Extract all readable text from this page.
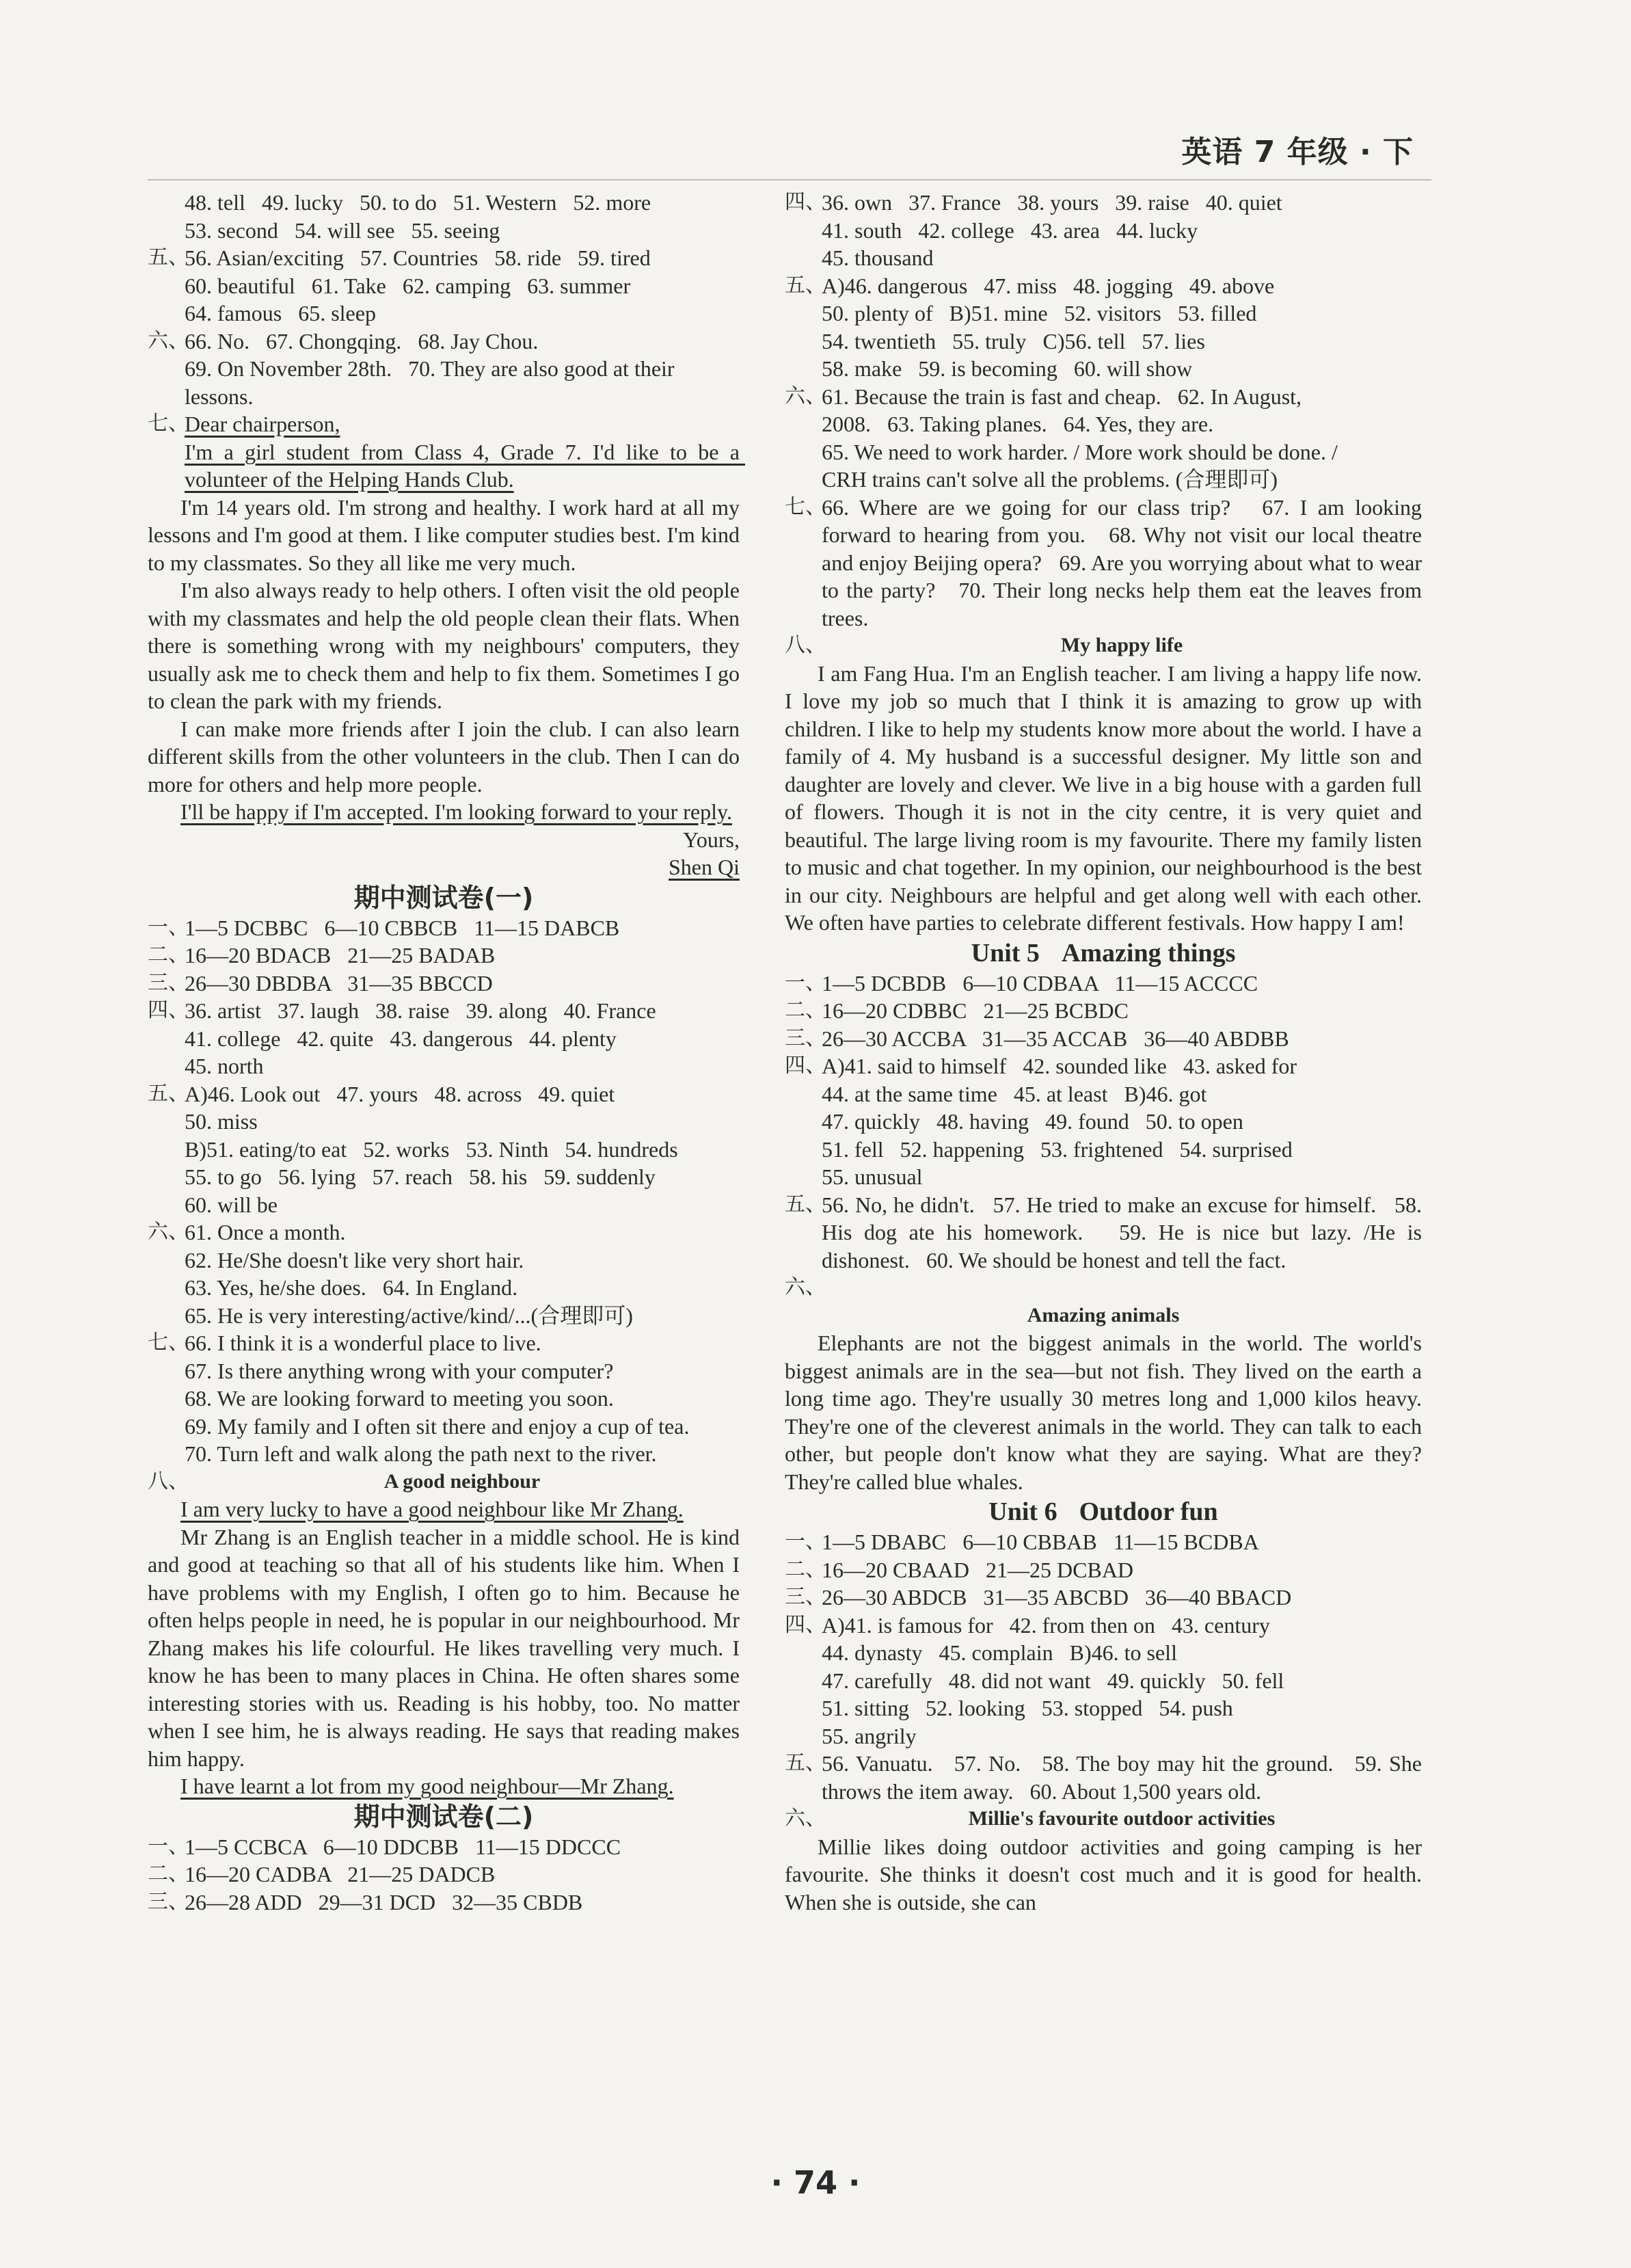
英语 7 年级 · 下
48. tell   49. lucky   50. to do   51. Western   52. more
53. second   54. will see   55. seeing
五、
56. Asian/exciting   57. Countries   58. ride   59. tired
60. beautiful   61. Take   62. camping   63. summer
64. famous   65. sleep
六、
66. No.   67. Chongqing.   68. Jay Chou.
69. On November 28th.   70. They are also good at their
lessons.
七、
Dear chairperson,
I'm a girl student from Class 4, Grade 7. I'd like to be a volunteer of the Helping Hands Club.
I'm 14 years old. I'm strong and healthy. I work hard at all my lessons and I'm good at them. I like computer studies best. I'm kind to my classmates. So they all like me very much.
I'm also always ready to help others. I often visit the old people with my classmates and help the old people clean their flats. When there is something wrong with my neighbours' computers, they usually ask me to check them and help to fix them. Sometimes I go to clean the park with my friends.
I can make more friends after I join the club. I can also learn different skills from the other volunteers in the club. Then I can do more for others and help more people.
I'll be happy if I'm accepted. I'm looking forward to your reply.
Yours,
Shen Qi
期中测试卷(一)
一、
1—5 DCBBC   6—10 CBBCB   11—15 DABCB
二、
16—20 BDACB   21—25 BADAB
三、
26—30 DBDBA   31—35 BBCCD
四、
36. artist   37. laugh   38. raise   39. along   40. France
41. college   42. quite   43. dangerous   44. plenty
45. north
五、
A)46. Look out   47. yours   48. across   49. quiet
50. miss
B)51. eating/to eat   52. works   53. Ninth   54. hundreds
55. to go   56. lying   57. reach   58. his   59. suddenly
60. will be
六、
61. Once a month.
62. He/She doesn't like very short hair.
63. Yes, he/she does.   64. In England.
65. He is very interesting/active/kind/...(合理即可)
七、
66. I think it is a wonderful place to live.
67. Is there anything wrong with your computer?
68. We are looking forward to meeting you soon.
69. My family and I often sit there and enjoy a cup of tea.
70. Turn left and walk along the path next to the river.
八、	A good neighbour
I am very lucky to have a good neighbour like Mr Zhang.
Mr Zhang is an English teacher in a middle school. He is kind and good at teaching so that all of his students like him. When I have problems with my English, I often go to him. Because he often helps people in need, he is popular in our neighbourhood. Mr Zhang makes his life colourful. He likes travelling very much. I know he has been to many places in China. He often shares some interesting stories with us. Reading is his hobby, too. No matter when I see him, he is always reading. He says that reading makes him happy.
I have learnt a lot from my good neighbour—Mr Zhang.
期中测试卷(二)
一、
1—5 CCBCA   6—10 DDCBB   11—15 DDCCC
二、
16—20 CADBA   21—25 DADCB
三、
26—28 ADD   29—31 DCD   32—35 CBDB
四、
36. own   37. France   38. yours   39. raise   40. quiet
41. south   42. college   43. area   44. lucky
45. thousand
五、
A)46. dangerous   47. miss   48. jogging   49. above
50. plenty of   B)51. mine   52. visitors   53. filled
54. twentieth   55. truly   C)56. tell   57. lies
58. make   59. is becoming   60. will show
六、
61. Because the train is fast and cheap.   62. In August,
2008.   63. Taking planes.   64. Yes, they are.
65. We need to work harder. / More work should be done. /
CRH trains can't solve all the problems. (合理即可)
七、
66. Where are we going for our class trip?   67. I am looking forward to hearing from you.   68. Why not visit our local theatre and enjoy Beijing opera?   69. Are you worrying about what to wear to the party?   70. Their long necks help them eat the leaves from trees.
八、	My happy life
I am Fang Hua. I'm an English teacher. I am living a happy life now. I love my job so much that I think it is amazing to grow up with children. I like to help my students know more about the world. I have a family of 4. My husband is a successful designer. My little son and daughter are lovely and clever. We live in a big house with a garden full of flowers. Though it is not in the city centre, it is very quiet and beautiful. The large living room is my favourite. There my family listen to music and chat together. In my opinion, our neighbourhood is the best in our city. Neighbours are helpful and get along well with each other. We often have parties to celebrate different festivals. How happy I am!
Unit 5 Amazing things
一、
1—5 DCBDB   6—10 CDBAA   11—15 ACCCC
二、
16—20 CDBBC   21—25 BCBDC
三、
26—30 ACCBA   31—35 ACCAB   36—40 ABDBB
四、
A)41. said to himself   42. sounded like   43. asked for
44. at the same time   45. at least   B)46. got
47. quickly   48. having   49. found   50. to open
51. fell   52. happening   53. frightened   54. surprised
55. unusual
五、
56. No, he didn't.   57. He tried to make an excuse for himself.   58. His dog ate his homework.   59. He is nice but lazy. /He is dishonest.   60. We should be honest and tell the fact.
六、
Amazing animals
Elephants are not the biggest animals in the world. The world's biggest animals are in the sea—but not fish. They lived on the earth a long time ago. They're usually 30 metres long and 1,000 kilos heavy. They're one of the cleverest animals in the world. They can talk to each other, but people don't know what they are saying. What are they? They're called blue whales.
Unit 6 Outdoor fun
一、
1—5 DBABC   6—10 CBBAB   11—15 BCDBA
二、
16—20 CBAAD   21—25 DCBAD
三、
26—30 ABDCB   31—35 ABCBD   36—40 BBACD
四、
A)41. is famous for   42. from then on   43. century
44. dynasty   45. complain   B)46. to sell
47. carefully   48. did not want   49. quickly   50. fell
51. sitting   52. looking   53. stopped   54. push
55. angrily
五、
56. Vanuatu.   57. No.   58. The boy may hit the ground.   59. She throws the item away.   60. About 1,500 years old.
六、	Millie's favourite outdoor activities
Millie likes doing outdoor activities and going camping is her favourite. She thinks it doesn't cost much and it is good for health. When she is outside, she can
· 74 ·
